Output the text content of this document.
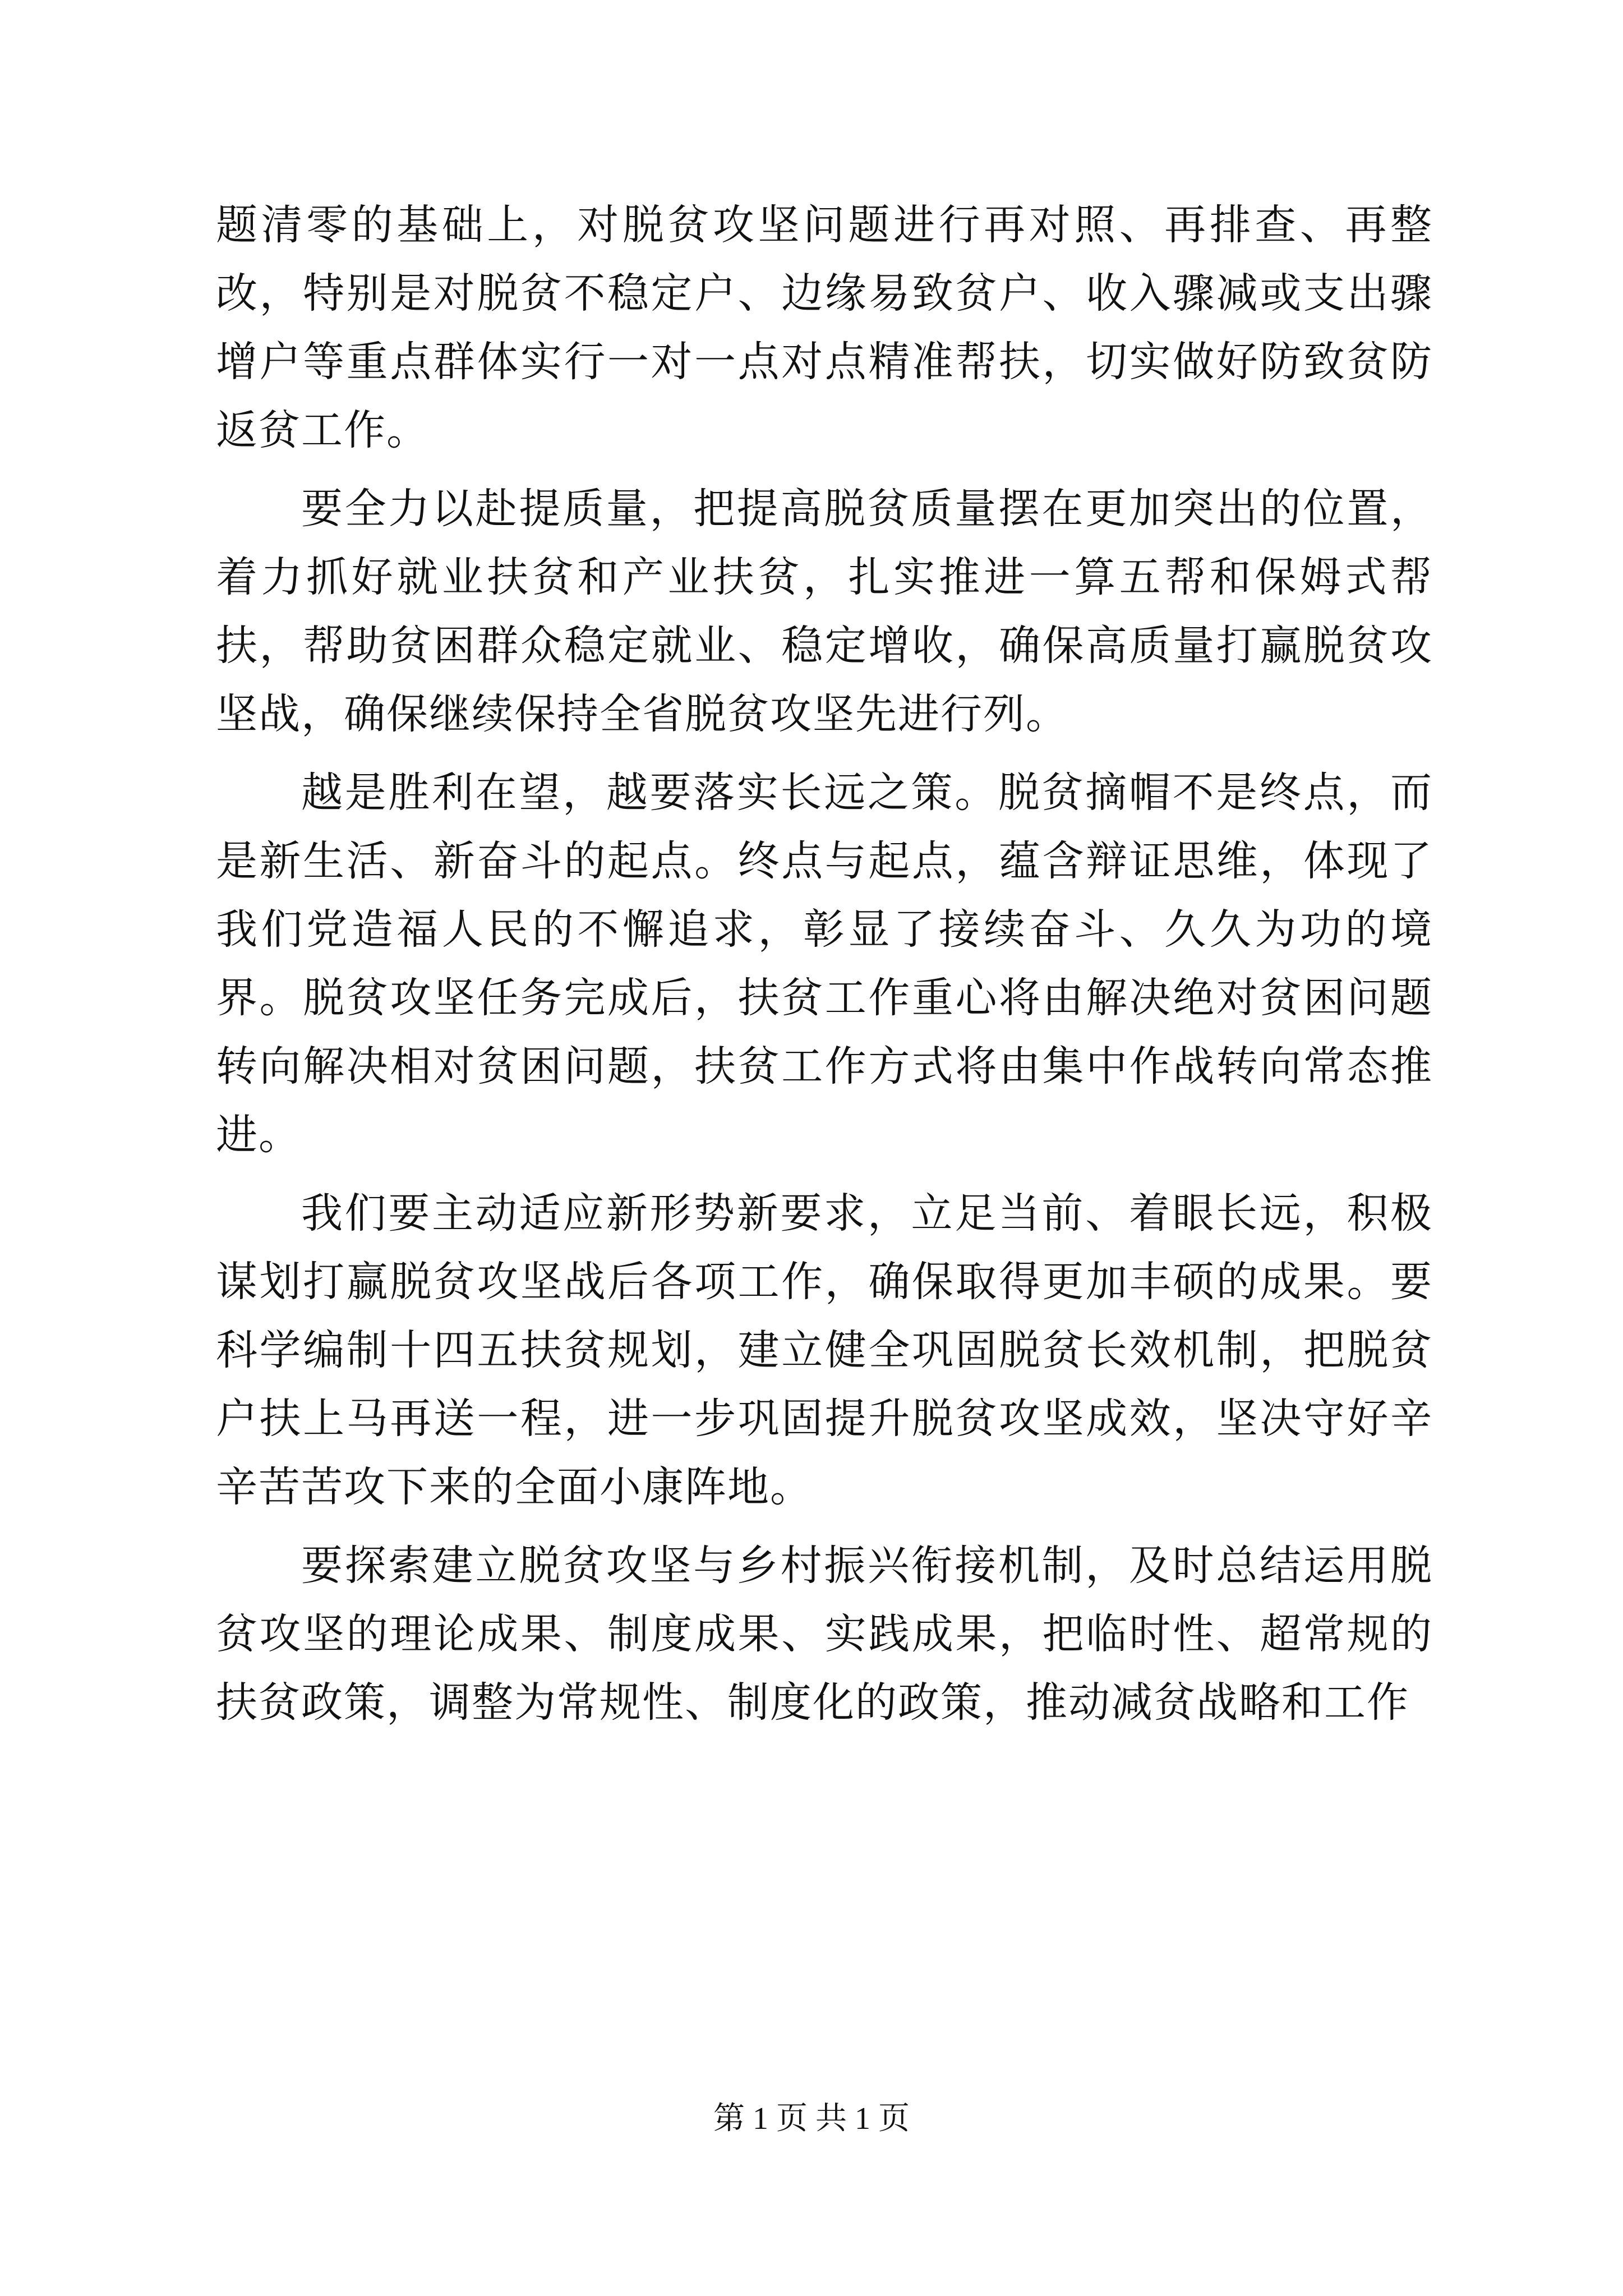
题清零的基础上，对脱贫攻坚问题进行再对照、再排查、再整改，特别是对脱贫不稳定户、边缘易致贫户、收入骤减或支出骤增户等重点群体实行一对一点对点精准帮扶，切实做好防致贫防返贫工作。

要全力以赴提质量，把提高脱贫质量摆在更加突出的位置，着力抓好就业扶贫和产业扶贫，扎实推进一算五帮和保姆式帮扶，帮助贫困群众稳定就业、稳定增收，确保高质量打赢脱贫攻坚战，确保继续保持全省脱贫攻坚先进行列。

越是胜利在望，越要落实长远之策。脱贫摘帽不是终点，而是新生活、新奋斗的起点。终点与起点，蕴含辩证思维，体现了我们党造福人民的不懈追求，彰显了接续奋斗、久久为功的境界。脱贫攻坚任务完成后，扶贫工作重心将由解决绝对贫困问题转向解决相对贫困问题，扶贫工作方式将由集中作战转向常态推进。

我们要主动适应新形势新要求，立足当前、着眼长远，积极谋划打赢脱贫攻坚战后各项工作，确保取得更加丰硕的成果。要科学编制十四五扶贫规划，建立健全巩固脱贫长效机制，把脱贫户扶上马再送一程，进一步巩固提升脱贫攻坚成效，坚决守好辛辛苦苦攻下来的全面小康阵地。

要探索建立脱贫攻坚与乡村振兴衔接机制，及时总结运用脱贫攻坚的理论成果、制度成果、实践成果，把临时性、超常规的扶贫政策，调整为常规性、制度化的政策，推动减贫战略和工作

第 1 页 共 1 页
